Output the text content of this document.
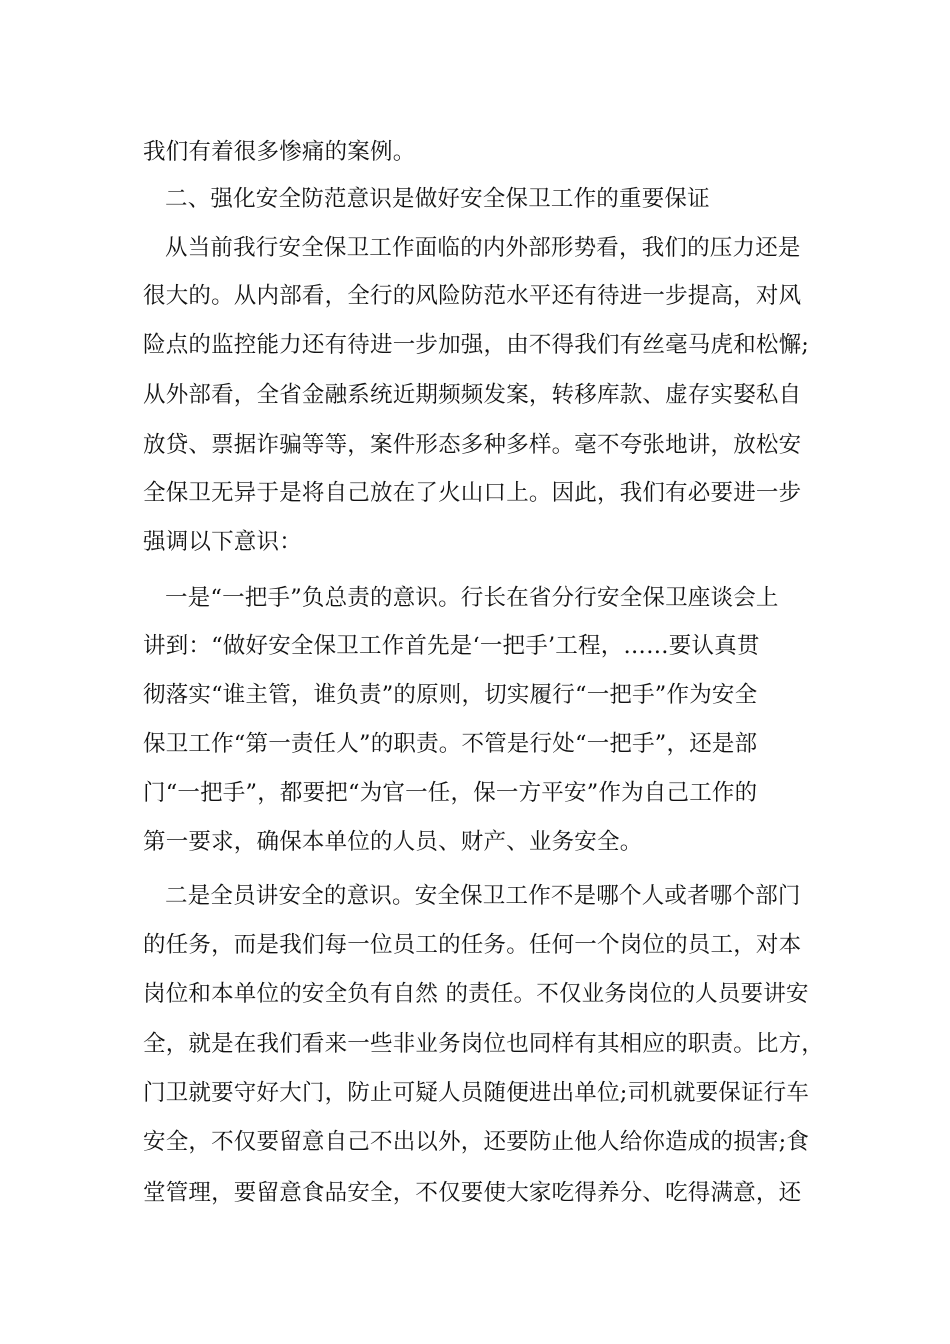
我们有着很多惨痛的案例。
二、强化安全防范意识是做好安全保卫工作的重要保证
从当前我行安全保卫工作面临的内外部形势看，我们的压力还是
很大的。从内部看，全行的风险防范水平还有待进一步提高，对风
险点的监控能力还有待进一步加强，由不得我们有丝毫马虎和松懈;
从外部看，全省金融系统近期频频发案，转移库款、虚存实娶私自
放贷、票据诈骗等等，案件形态多种多样。毫不夸张地讲，放松安
全保卫无异于是将自己放在了火山口上。因此，我们有必要进一步
强调以下意识：
一是“一把手”负总责的意识。行长在省分行安全保卫座谈会上
讲到：“做好安全保卫工作首先是‘一把手’工程，……要认真贯
彻落实“谁主管，谁负责”的原则，切实履行“一把手”作为安全
保卫工作“第一责任人”的职责。不管是行处“一把手”，还是部
门“一把手”，都要把“为官一任，保一方平安”作为自己工作的
第一要求，确保本单位的人员、财产、业务安全。
二是全员讲安全的意识。安全保卫工作不是哪个人或者哪个部门
的任务，而是我们每一位员工的任务。任何一个岗位的员工，对本
岗位和本单位的安全负有自然 的责任。不仅业务岗位的人员要讲安
全，就是在我们看来一些非业务岗位也同样有其相应的职责。比方，
门卫就要守好大门，防止可疑人员随便进出单位;司机就要保证行车
安全，不仅要留意自己不出以外，还要防止他人给你造成的损害;食
堂管理，要留意食品安全，不仅要使大家吃得养分、吃得满意，还
